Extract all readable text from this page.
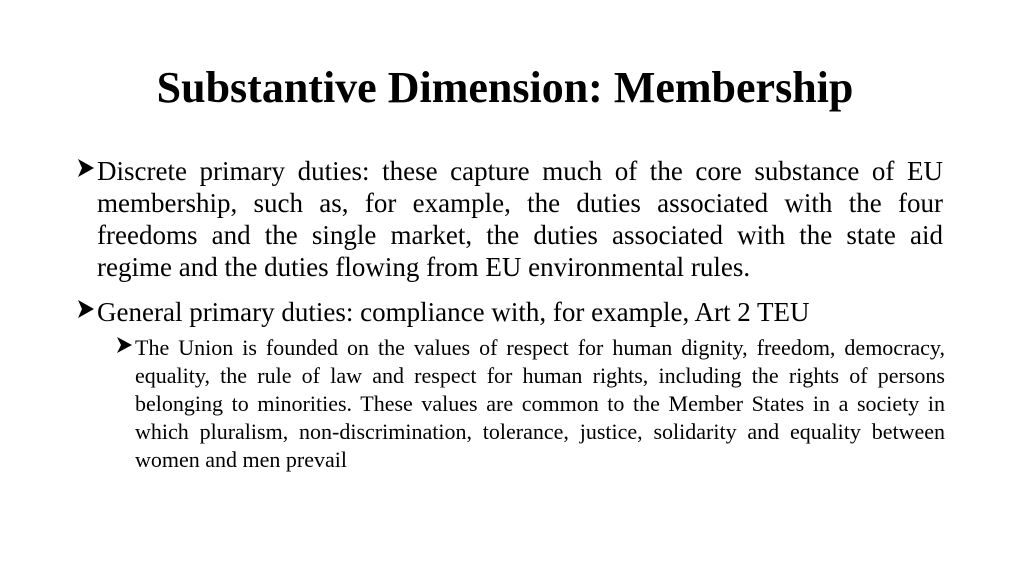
Substantive Dimension: Membership
Discrete primary duties: these capture much of the core substance of EU membership, such as, for example, the duties associated with the four freedoms and the single market, the duties associated with the state aid regime and the duties flowing from EU environmental rules.
General primary duties: compliance with, for example, Art 2 TEU
The Union is founded on the values of respect for human dignity, freedom, democracy, equality, the rule of law and respect for human rights, including the rights of persons belonging to minorities. These values are common to the Member States in a society in which pluralism, non-discrimination, tolerance, justice, solidarity and equality between women and men prevail
